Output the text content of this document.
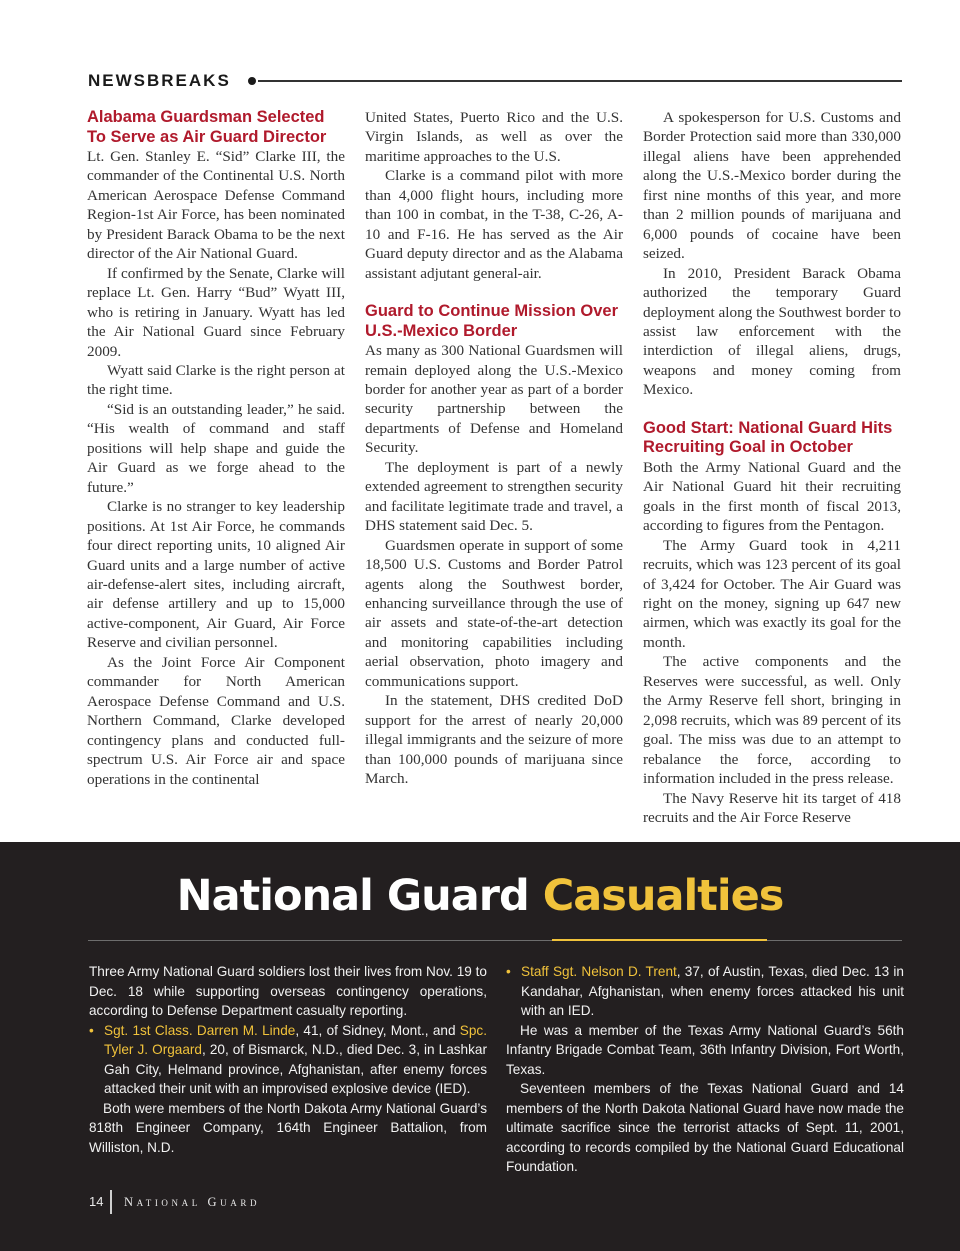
NEWSBREAKS
Alabama Guardsman Selected To Serve as Air Guard Director

Lt. Gen. Stanley E. “Sid” Clarke III, the commander of the Continental U.S. North American Aerospace Defense Command Region-1st Air Force, has been nominated by President Barack Obama to be the next director of the Air National Guard.

If confirmed by the Senate, Clarke will replace Lt. Gen. Harry “Bud” Wyatt III, who is retiring in January. Wyatt has led the Air National Guard since February 2009.

Wyatt said Clarke is the right person at the right time.

“Sid is an outstanding leader,” he said. “His wealth of command and staff positions will help shape and guide the Air Guard as we forge ahead to the future.”

Clarke is no stranger to key leadership positions. At 1st Air Force, he commands four direct reporting units, 10 aligned Air Guard units and a large number of active air-defense-alert sites, including aircraft, air defense artillery and up to 15,000 active-component, Air Guard, Air Force Reserve and civilian personnel.

As the Joint Force Air Component commander for North American Aerospace Defense Command and U.S. Northern Command, Clarke developed contingency plans and conducted full-spectrum U.S. Air Force air and space operations in the continental

United States, Puerto Rico and the U.S. Virgin Islands, as well as over the maritime approaches to the U.S.

Clarke is a command pilot with more than 4,000 flight hours, including more than 100 in combat, in the T-38, C-26, A-10 and F-16. He has served as the Air Guard deputy director and as the Alabama assistant adjutant general-air.

Guard to Continue Mission Over U.S.-Mexico Border

As many as 300 National Guardsmen will remain deployed along the U.S.-Mexico border for another year as part of a border security partnership between the departments of Defense and Homeland Security.

The deployment is part of a newly extended agreement to strengthen security and facilitate legitimate trade and travel, a DHS statement said Dec. 5.

Guardsmen operate in support of some 18,500 U.S. Customs and Border Patrol agents along the Southwest border, enhancing surveillance through the use of air assets and state-of-the-art detection and monitoring capabilities including aerial observation, photo imagery and communications support.

In the statement, DHS credited DoD support for the arrest of nearly 20,000 illegal immigrants and the seizure of more than 100,000 pounds of marijuana since March.

A spokesperson for U.S. Customs and Border Protection said more than 330,000 illegal aliens have been apprehended along the U.S.-Mexico border during the first nine months of this year, and more than 2 million pounds of marijuana and 6,000 pounds of cocaine have been seized.

In 2010, President Barack Obama authorized the temporary Guard deployment along the Southwest border to assist law enforcement with the interdiction of illegal aliens, drugs, weapons and money coming from Mexico.

Good Start: National Guard Hits Recruiting Goal in October

Both the Army National Guard and the Air National Guard hit their recruiting goals in the first month of fiscal 2013, according to figures from the Pentagon.

The Army Guard took in 4,211 recruits, which was 123 percent of its goal of 3,424 for October. The Air Guard was right on the money, signing up 647 new airmen, which was exactly its goal for the month.

The active components and the Reserves were successful, as well. Only the Army Reserve fell short, bringing in 2,098 recruits, which was 89 percent of its goal. The miss was due to an attempt to rebalance the force, according to information included in the press release.

The Navy Reserve hit its target of 418 recruits and the Air Force Reserve

National Guard Casualties

Three Army National Guard soldiers lost their lives from Nov. 19 to Dec. 18 while supporting overseas contingency operations, according to Defense Department casualty reporting.

• Sgt. 1st Class. Darren M. Linde, 41, of Sidney, Mont., and Spc. Tyler J. Orgaard, 20, of Bismarck, N.D., died Dec. 3, in Lashkar Gah City, Helmand province, Afghanistan, after enemy forces attacked their unit with an improvised explosive device (IED).

Both were members of the North Dakota Army National Guard’s 818th Engineer Company, 164th Engineer Battalion, from Williston, N.D.

• Staff Sgt. Nelson D. Trent, 37, of Austin, Texas, died Dec. 13 in Kandahar, Afghanistan, when enemy forces attacked his unit with an IED.

He was a member of the Texas Army National Guard’s 56th Infantry Brigade Combat Team, 36th Infantry Division, Fort Worth, Texas.

Seventeen members of the Texas National Guard and 14 members of the North Dakota National Guard have now made the ultimate sacrifice since the terrorist attacks of Sept. 11, 2001, according to records compiled by the National Guard Educational Foundation.

14 National Guard
